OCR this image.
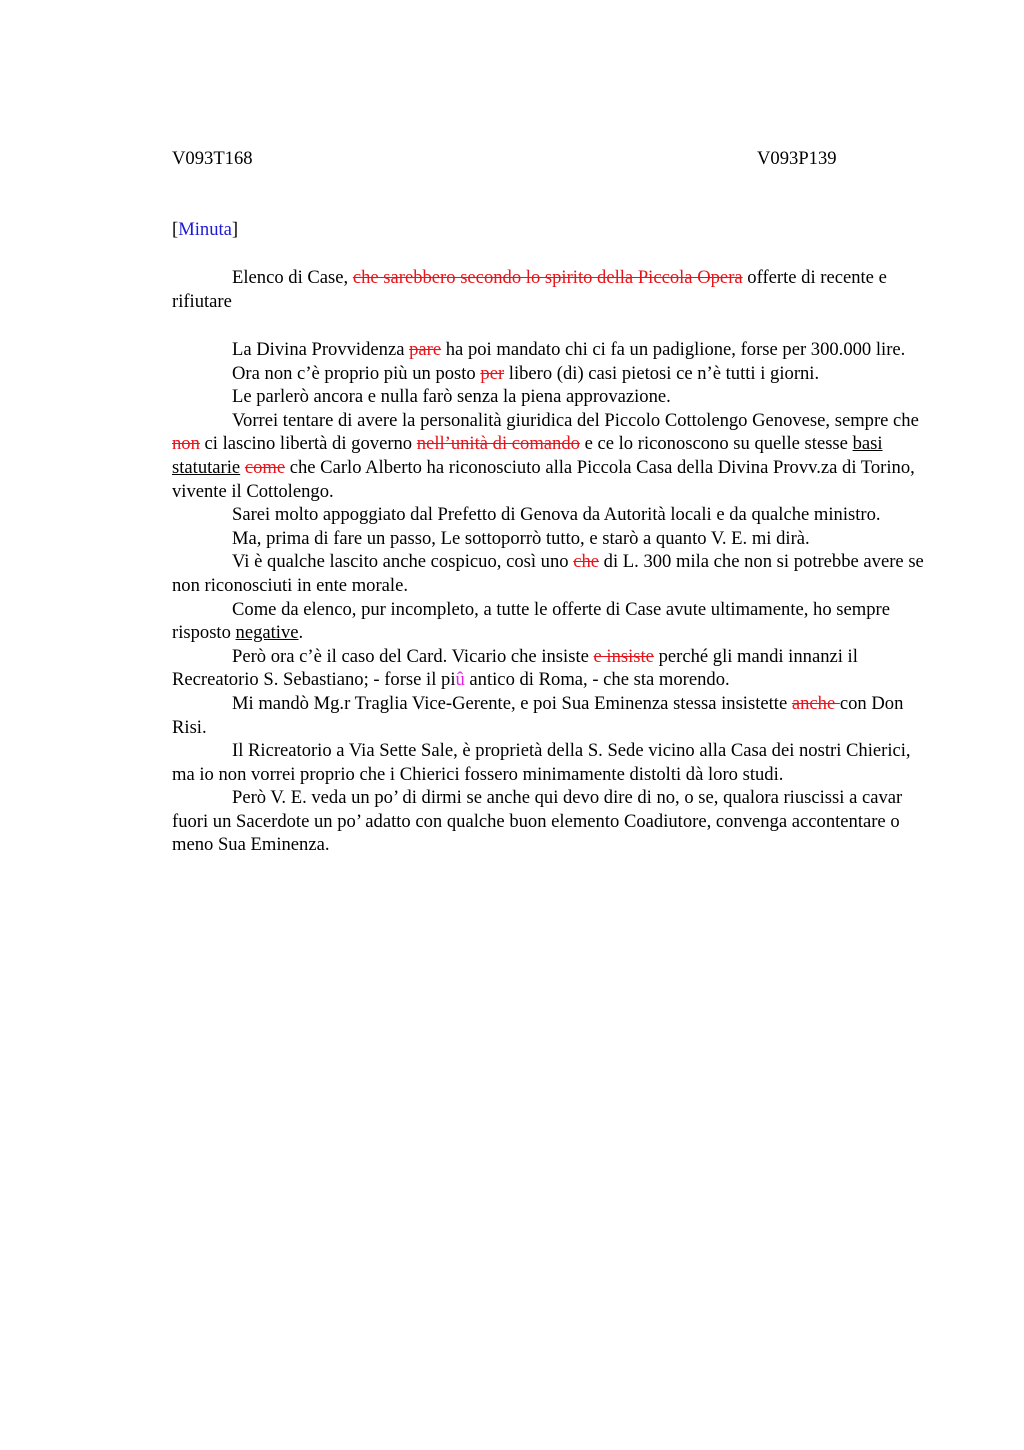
V093T168	V093P139
[Minuta]

Elenco di Case, che sarebbero secondo lo spirito della Piccola Opera offerte di recente e rifiutare

La Divina Provvidenza pare ha poi mandato chi ci fa un padiglione, forse per 300.000 lire.

Ora non c’è proprio più un posto per libero (di) casi pietosi ce n’è tutti i giorni.

Le parlerò ancora e nulla farò senza la piena approvazione.

Vorrei tentare di avere la personalità giuridica del Piccolo Cottolengo Genovese, sempre che non ci lascino libertà di governo nell’unità di comando e ce lo riconoscono su quelle stesse basi statutarie come che Carlo Alberto ha riconosciuto alla Piccola Casa della Divina Provv.za di Torino, vivente il Cottolengo.

Sarei molto appoggiato dal Prefetto di Genova da Autorità locali e da qualche ministro.

Ma, prima di fare un passo, Le sottoporrò tutto, e starò a quanto V. E. mi dirà.

Vi è qualche lascito anche cospicuo, così uno che di L. 300 mila che non si potrebbe avere se non riconosciuti in ente morale.

Come da elenco, pur incompleto, a tutte le offerte di Case avute ultimamente, ho sempre risposto negative.

Però ora c’è il caso del Card. Vicario che insiste e insiste perché gli mandi innanzi il Recreatorio S. Sebastiano; - forse il piû antico di Roma, - che sta morendo.

Mi mandò Mg.r Traglia Vice-Gerente, e poi Sua Eminenza stessa insistette anche con Don Risi.

Il Ricreatorio a Via Sette Sale, è proprietà della S. Sede vicino alla Casa dei nostri Chierici, ma io non vorrei proprio che i Chierici fossero minimamente distolti dà loro studi.

Però V. E. veda un po’ di dirmi se anche qui devo dire di no, o se, qualora riuscissi a cavar fuori un Sacerdote un po’ adatto con qualche buon elemento Coadiutore, convenga accontentare o meno Sua Eminenza.
